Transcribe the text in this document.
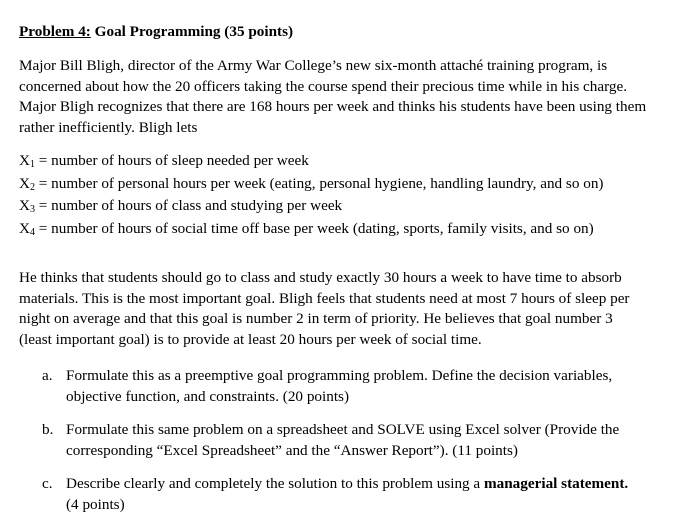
Problem 4: Goal Programming (35 points)
Major Bill Bligh, director of the Army War College’s new six-month attaché training program, is
concerned about how the 20 officers taking the course spend their precious time while in his charge.
Major Bligh recognizes that there are 168 hours per week and thinks his students have been using them
rather inefficiently. Bligh lets
X1 = number of hours of sleep needed per week
X2 = number of personal hours per week (eating, personal hygiene, handling laundry, and so on)
X3 = number of hours of class and studying per week
X4 = number of hours of social time off base per week (dating, sports, family visits, and so on)
He thinks that students should go to class and study exactly 30 hours a week to have time to absorb
materials. This is the most important goal. Bligh feels that students need at most 7 hours of sleep per
night on average and that this goal is number 2 in term of priority. He believes that goal number 3
(least important goal) is to provide at least 20 hours per week of social time.
a. Formulate this as a preemptive goal programming problem. Define the decision variables,
objective function, and constraints. (20 points)
b. Formulate this same problem on a spreadsheet and SOLVE using Excel solver (Provide the
corresponding “Excel Spreadsheet” and the “Answer Report”). (11 points)
c. Describe clearly and completely the solution to this problem using a managerial statement.
(4 points)
